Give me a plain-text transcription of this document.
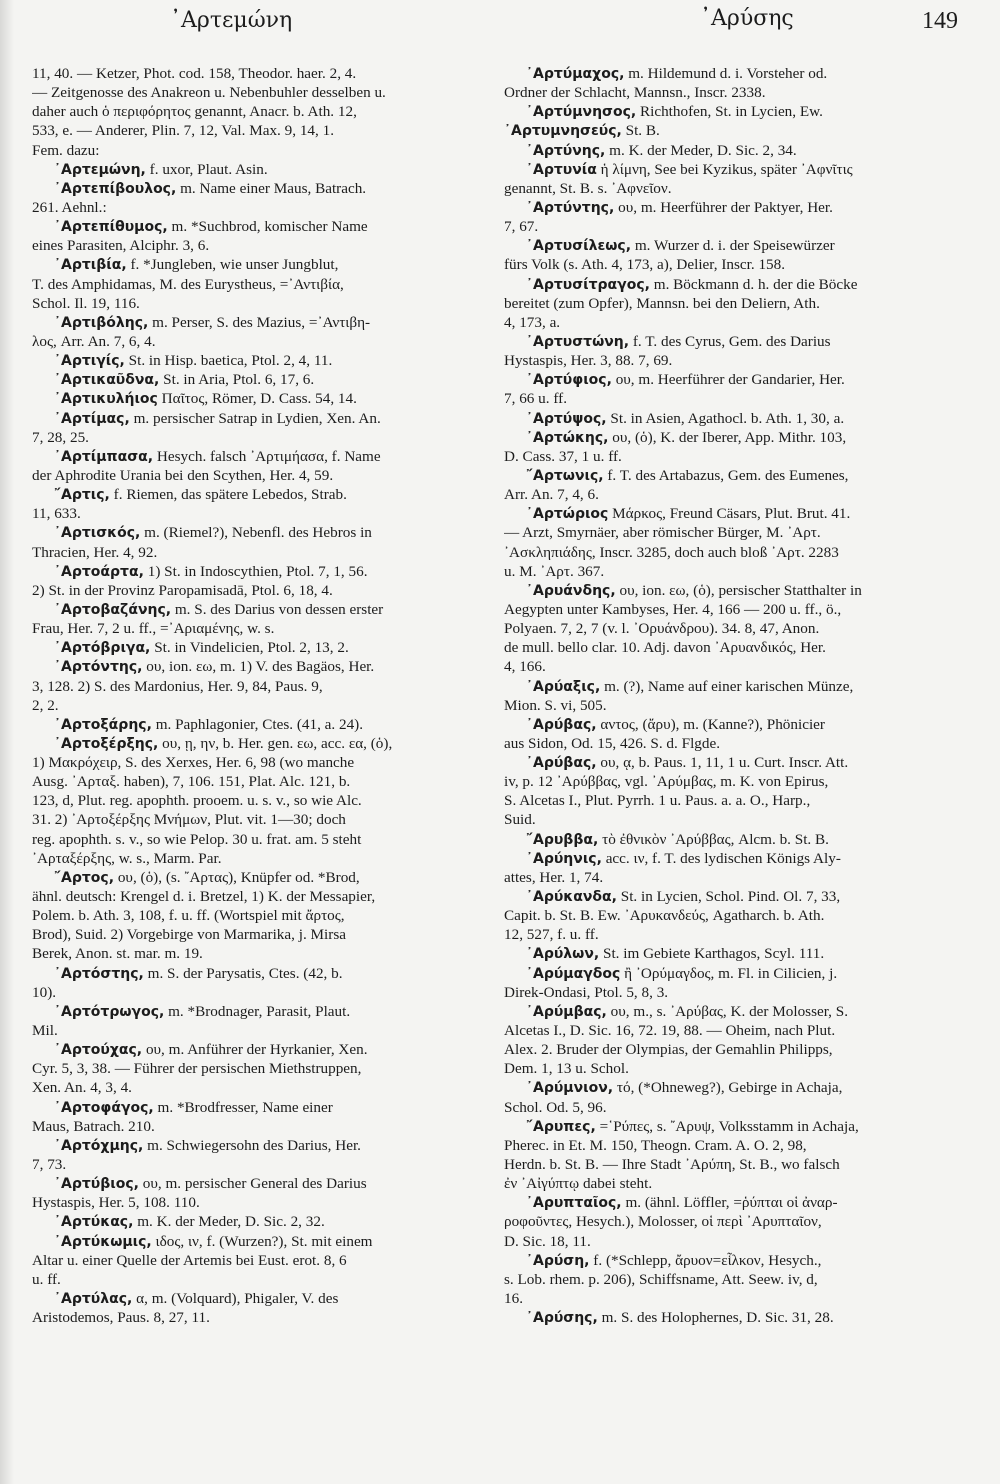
᾿Αρτεμώνη	᾿Αρύσης	149
11, 40. — Ketzer, Phot. cod. 158, Theodor. haer. 2, 4.
— Zeitgenosse des Anakreon u. Nebenbuhler desselben u.
daher auch ὁ περιφόρητος genannt, Anacr. b. Ath. 12,
533, e. — Anderer, Plin. 7, 12, Val. Max. 9, 14, 1.
Fem. dazu:
᾿Αρτεμώνη, f. uxor, Plaut. Asin.
᾿Αρτεπίβουλος, m. Name einer Maus, Batrach.
261. Aehnl.:
᾿Αρτεπίθυμος, m. *Suchbrod, komischer Name
eines Parasiten, Alciphr. 3, 6.
᾿Αρτιβία, f. *Jungleben, wie unser Jungblut,
T. des Amphidamas, M. des Eurystheus, =᾿Αντιβία,
Schol. Il. 19, 116.
᾿Αρτιβόλης, m. Perser, S. des Mazius, =᾿Αντιβη-
λος, Arr. An. 7, 6, 4.
᾿Αρτιγίς, St. in Hisp. baetica, Ptol. 2, 4, 11.
᾿Αρτικαῦδνα, St. in Aria, Ptol. 6, 17, 6.
᾿Αρτικυλήιος Παῖτος, Römer, D. Cass. 54, 14.
᾿Αρτίμας, m. persischer Satrap in Lydien, Xen. An.
7, 28, 25.
᾿Αρτίμπασα, Hesych. falsch ᾿Αρτιμήασα, f. Name
der Aphrodite Urania bei den Scythen, Her. 4, 59.
῎Αρτις, f. Riemen, das spätere Lebedos, Strab.
11, 633.
᾿Αρτισκός, m. (Riemel?), Nebenfl. des Hebros in
Thracien, Her. 4, 92.
᾿Αρτοάρτα, 1) St. in Indoscythien, Ptol. 7, 1, 56.
2) St. in der Provinz Paropamisadā, Ptol. 6, 18, 4.
᾿Αρτοβαζάνης, m. S. des Darius von dessen erster
Frau, Her. 7, 2 u. ff., =᾿Αριαμένης, w. s.
᾿Αρτόβριγα, St. in Vindelicien, Ptol. 2, 13, 2.
᾿Αρτόντης, ου, ion. εω, m. 1) V. des Bagäos, Her.
3, 128. 2) S. des Mardonius, Her. 9, 84, Paus. 9,
2, 2.
᾿Αρτοξάρης, m. Paphlagonier, Ctes. (41, a. 24).
᾿Αρτοξέρξης, ου, ῃ, ην, b. Her. gen. εω, acc. εα, (ὁ),
1) Μακρόχειρ, S. des Xerxes, Her. 6, 98 (wo manche
Ausg. ᾿Αρταξ. haben), 7, 106. 151, Plat. Alc. 121, b.
123, d, Plut. reg. apophth. prooem. u. s. v., so wie Alc.
31. 2) ᾿Αρτοξέρξης Μνήμων, Plut. vit. 1—30; doch
reg. apophth. s. v., so wie Pelop. 30 u. frat. am. 5 steht
᾿Αρταξέρξης, w. s., Marm. Par.
῎Αρτος, ου, (ὁ), (s. ῎Αρτας), Knüpfer od. *Brod,
ähnl. deutsch: Krengel d. i. Bretzel, 1) K. der Messapier,
Polem. b. Ath. 3, 108, f. u. ff. (Wortspiel mit ἄρτος,
Brod), Suid. 2) Vorgebirge von Marmarika, j. Mirsa
Berek, Anon. st. mar. m. 19.
᾿Αρτόστης, m. S. der Parysatis, Ctes. (42, b.
10).
᾿Αρτότρωγος, m. *Brodnager, Parasit, Plaut.
Mil.
᾿Αρτούχας, ου, m. Anführer der Hyrkanier, Xen.
Cyr. 5, 3, 38. — Führer der persischen Miethstruppen,
Xen. An. 4, 3, 4.
᾿Αρτοφάγος, m. *Brodfresser, Name einer
Maus, Batrach. 210.
᾿Αρτόχμης, m. Schwiegersohn des Darius, Her.
7, 73.
᾿Αρτύβιος, ου, m. persischer General des Darius
Hystaspis, Her. 5, 108. 110.
᾿Αρτύκας, m. K. der Meder, D. Sic. 2, 32.
᾿Αρτύκωμις, ιδος, ιν, f. (Wurzen?), St. mit einem
Altar u. einer Quelle der Artemis bei Eust. erot. 8, 6
u. ff.
᾿Αρτύλας, α, m. (Volquard), Phigaler, V. des
Aristodemos, Paus. 8, 27, 11.
᾿Αρτύμαχος, m. Hildemund d. i. Vorsteher od.
Ordner der Schlacht, Mannsn., Inscr. 2338.
᾿Αρτύμνησος, Richthofen, St. in Lycien, Ew.
᾿Αρτυμνησεύς, St. B.
᾿Αρτύνης, m. K. der Meder, D. Sic. 2, 34.
᾿Αρτυνία ἡ λίμνη, See bei Kyzikus, später ᾿Αφνῖτις
genannt, St. B. s. ᾿Αφνεῖον.
᾿Αρτύντης, ου, m. Heerführer der Paktyer, Her.
7, 67.
᾿Αρτυσίλεως, m. Wurzer d. i. der Speisewürzer
fürs Volk (s. Ath. 4, 173, a), Delier, Inscr. 158.
᾿Αρτυσίτραγος, m. Böckmann d. h. der die Böcke
bereitet (zum Opfer), Mannsn. bei den Deliern, Ath.
4, 173, a.
᾿Αρτυστώνη, f. T. des Cyrus, Gem. des Darius
Hystaspis, Her. 3, 88. 7, 69.
᾿Αρτύφιος, ου, m. Heerführer der Gandarier, Her.
7, 66 u. ff.
᾿Αρτύψος, St. in Asien, Agathocl. b. Ath. 1, 30, a.
᾿Αρτώκης, ου, (ὁ), K. der Iberer, App. Mithr. 103,
D. Cass. 37, 1 u. ff.
῎Αρτωνις, f. T. des Artabazus, Gem. des Eumenes,
Arr. An. 7, 4, 6.
᾿Αρτώριος Μάρκος, Freund Cäsars, Plut. Brut. 41.
— Arzt, Smyrnäer, aber römischer Bürger, Μ. ᾿Αρτ.
᾿Ασκληπιάδης, Inscr. 3285, doch auch bloß ᾿Αρτ. 2283
u. Μ. ᾿Αρτ. 367.
᾿Αρυάνδης, ου, ion. εω, (ὁ), persischer Statthalter in
Aegypten unter Kambyses, Her. 4, 166 — 200 u. ff., ö.,
Polyaen. 7, 2, 7 (v. l. ᾿Ορυάνδρου). 34. 8, 47, Anon.
de mull. bello clar. 10. Adj. davon ᾿Αρυανδικός, Her.
4, 166.
᾿Αρύαξις, m. (?), Name auf einer karischen Münze,
Mion. S. vi, 505.
᾿Αρύβας, αντος, (ἄρυ), m. (Kanne?), Phönicier
aus Sidon, Od. 15, 426. S. d. Flgde.
᾿Αρύβας, ου, ᾳ, b. Paus. 1, 11, 1 u. Curt. Inscr. Att.
iv, p. 12 ᾿Αρύββας, vgl. ᾿Αρύμβας, m. K. von Epirus,
S. Alcetas I., Plut. Pyrrh. 1 u. Paus. a. a. O., Harp.,
Suid.
῎Αρυββα, τὸ ἐθνικὸν ᾿Αρύββας, Alcm. b. St. B.
᾿Αρύηνις, acc. ιν, f. T. des lydischen Königs Aly-
attes, Her. 1, 74.
᾿Αρύκανδα, St. in Lycien, Schol. Pind. Ol. 7, 33,
Capit. b. St. B. Ew. ᾿Αρυκανδεύς, Agatharch. b. Ath.
12, 527, f. u. ff.
᾿Αρύλων, St. im Gebiete Karthagos, Scyl. 111.
᾿Αρύμαγδος ἢ ᾿Ορύμαγδος, m. Fl. in Cilicien, j.
Direk-Ondasi, Ptol. 5, 8, 3.
᾿Αρύμβας, ου, m., s. ᾿Αρύβας, K. der Molosser, S.
Alcetas I., D. Sic. 16, 72. 19, 88. — Oheim, nach Plut.
Alex. 2. Bruder der Olympias, der Gemahlin Philipps,
Dem. 1, 13 u. Schol.
᾿Αρύμνιον, τό, (*Ohneweg?), Gebirge in Achaja,
Schol. Od. 5, 96.
῎Αρυπες, =῾Ρύπες, s. ῎Αρυψ, Volksstamm in Achaja,
Pherec. in Et. M. 150, Theogn. Cram. A. O. 2, 98,
Herdn. b. St. B. — Ihre Stadt ᾿Αρύπη, St. B., wo falsch
ἐν ᾿Αἰγύπτῳ dabei steht.
᾿Αρυπταῖος, m. (ähnl. Löffler, =ῥύπται οἱ ἀναρ-
ροφοῦντες, Hesych.), Molosser, οἱ περὶ ᾿Αρυπταῖον,
D. Sic. 18, 11.
᾿Αρύση, f. (*Schlepp, ἄρυον=εἷλκον, Hesych.,
s. Lob. rhem. p. 206), Schiffsname, Att. Seew. iv, d,
16.
᾿Αρύσης, m. S. des Holophernes, D. Sic. 31, 28.
